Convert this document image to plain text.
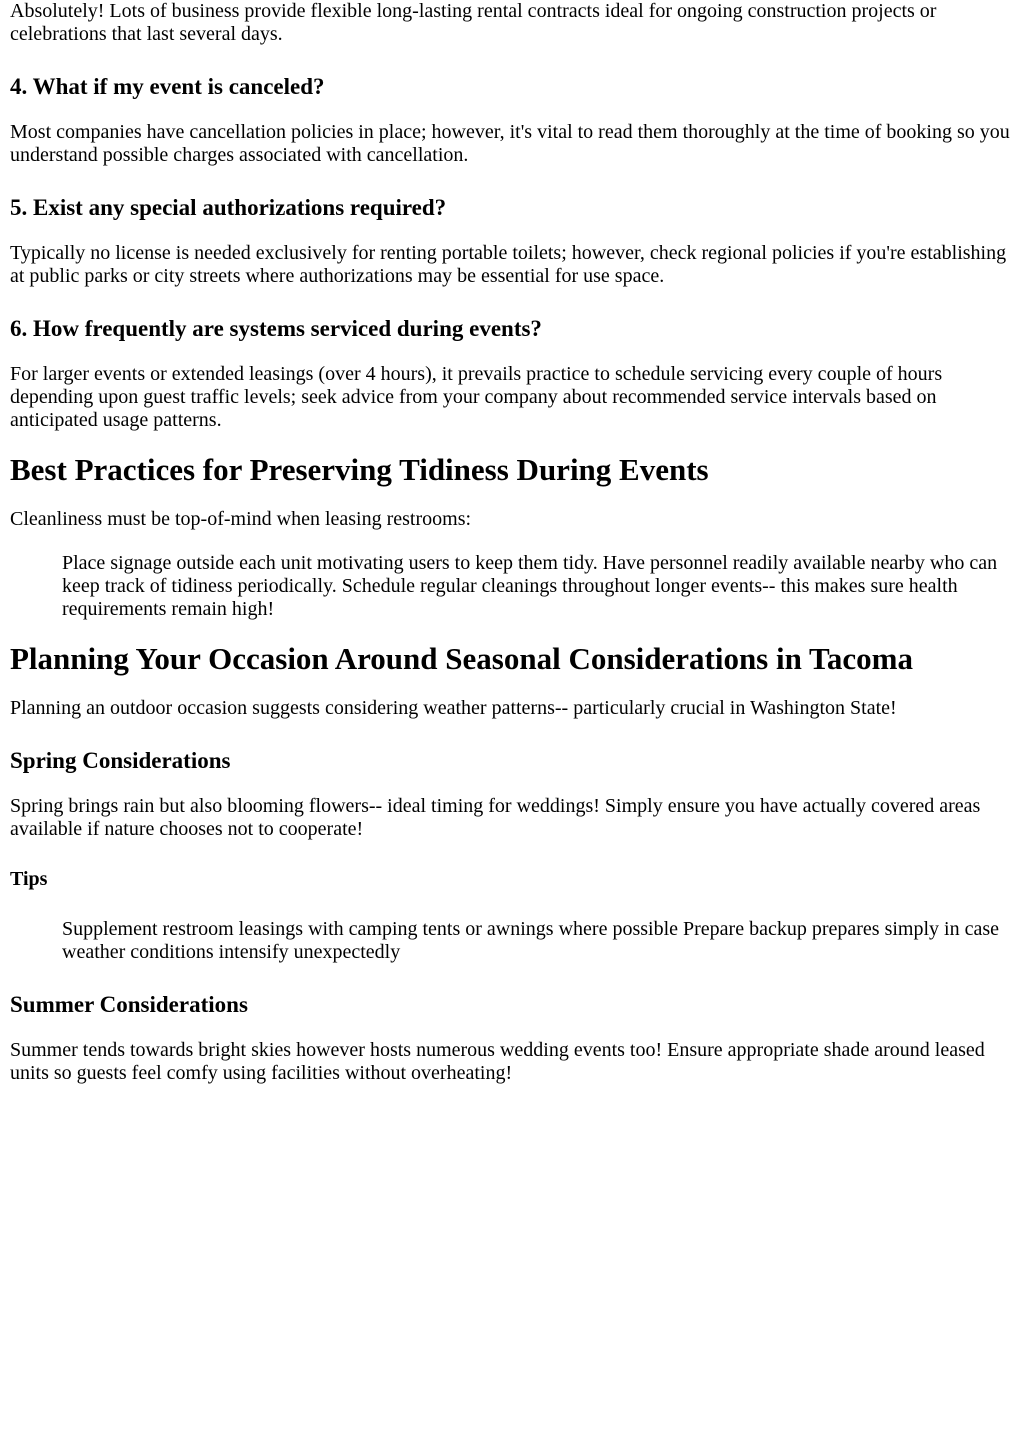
Absolutely! Lots of business provide flexible long-lasting rental contracts ideal for ongoing construction projects or celebrations that last several days.

4. What if my event is canceled?

Most companies have cancellation policies in place; however, it's vital to read them thoroughly at the time of booking so you understand possible charges associated with cancellation.

5. Exist any special authorizations required?

Typically no license is needed exclusively for renting portable toilets; however, check regional policies if you're establishing at public parks or city streets where authorizations may be essential for use space.

6. How frequently are systems serviced during events?

For larger events or extended leasings (over 4 hours), it prevails practice to schedule servicing every couple of hours depending upon guest traffic levels; seek advice from your company about recommended service intervals based on anticipated usage patterns.

Best Practices for Preserving Tidiness During Events

Cleanliness must be top-of-mind when leasing restrooms:

Place signage outside each unit motivating users to keep them tidy. Have personnel readily available nearby who can keep track of tidiness periodically. Schedule regular cleanings throughout longer events-- this makes sure health requirements remain high!
Planning Your Occasion Around Seasonal Considerations in Tacoma

Planning an outdoor occasion suggests considering weather patterns-- particularly crucial in Washington State!

Spring Considerations

Spring brings rain but also blooming flowers-- ideal timing for weddings! Simply ensure you have actually covered areas available if nature chooses not to cooperate!

Tips
Supplement restroom leasings with camping tents or awnings where possible Prepare backup prepares simply in case weather conditions intensify unexpectedly
Summer Considerations

Summer tends towards bright skies however hosts numerous wedding events too! Ensure appropriate shade around leased units so guests feel comfy using facilities without overheating!
